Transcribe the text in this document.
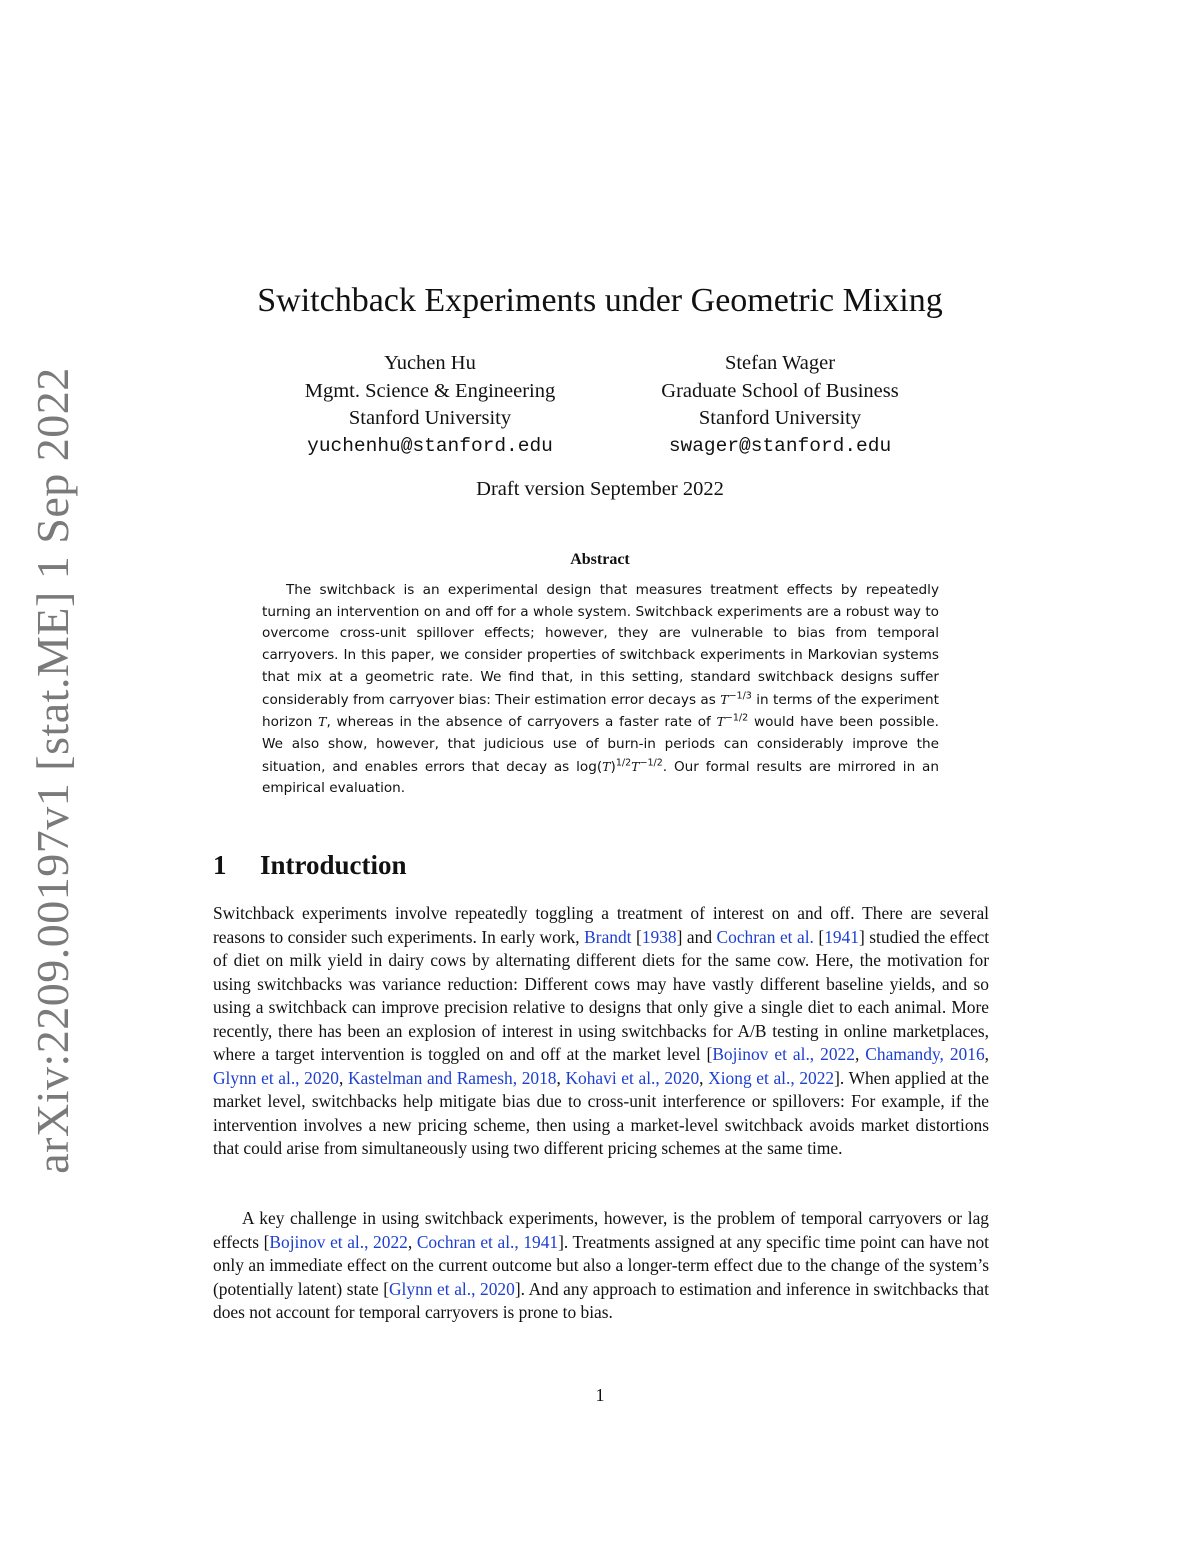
arXiv:2209.00197v1 [stat.ME] 1 Sep 2022
Switchback Experiments under Geometric Mixing
Yuchen Hu
Mgmt. Science & Engineering
Stanford University
yuchenhu@stanford.edu
Stefan Wager
Graduate School of Business
Stanford University
swager@stanford.edu
Draft version September 2022
Abstract
The switchback is an experimental design that measures treatment effects by repeatedly turning an intervention on and off for a whole system. Switchback experiments are a robust way to overcome cross-unit spillover effects; however, they are vulnerable to bias from temporal carryovers. In this paper, we consider properties of switchback experiments in Markovian systems that mix at a geometric rate. We find that, in this setting, standard switchback designs suffer considerably from carryover bias: Their estimation error decays as $T^{-1/3}$ in terms of the experiment horizon T, whereas in the absence of carryovers a faster rate of $T^{-1/2}$ would have been possible. We also show, however, that judicious use of burn-in periods can considerably improve the situation, and enables errors that decay as $\log(T)^{1/2}T^{-1/2}$. Our formal results are mirrored in an empirical evaluation.
1 Introduction

Switchback experiments involve repeatedly toggling a treatment of interest on and off. There are several reasons to consider such experiments. In early work, Brandt [1938] and Cochran et al. [1941] studied the effect of diet on milk yield in dairy cows by alternating different diets for the same cow. Here, the motivation for using switchbacks was variance reduction: Different cows may have vastly different baseline yields, and so using a switchback can improve precision relative to designs that only give a single diet to each animal. More recently, there has been an explosion of interest in using switchbacks for A/B testing in online marketplaces, where a target intervention is toggled on and off at the market level [Bojinov et al., 2022, Chamandy, 2016, Glynn et al., 2020, Kastelman and Ramesh, 2018, Kohavi et al., 2020, Xiong et al., 2022]. When applied at the market level, switchbacks help mitigate bias due to cross-unit interference or spillovers: For example, if the intervention involves a new pricing scheme, then using a market-level switchback avoids market distortions that could arise from simultaneously using two different pricing schemes at the same time.

A key challenge in using switchback experiments, however, is the problem of temporal carryovers or lag effects [Bojinov et al., 2022, Cochran et al., 1941]. Treatments assigned at any specific time point can have not only an immediate effect on the current outcome but also a longer-term effect due to the change of the system’s (potentially latent) state [Glynn et al., 2020]. And any approach to estimation and inference in switchbacks that does not account for temporal carryovers is prone to bias.

1
